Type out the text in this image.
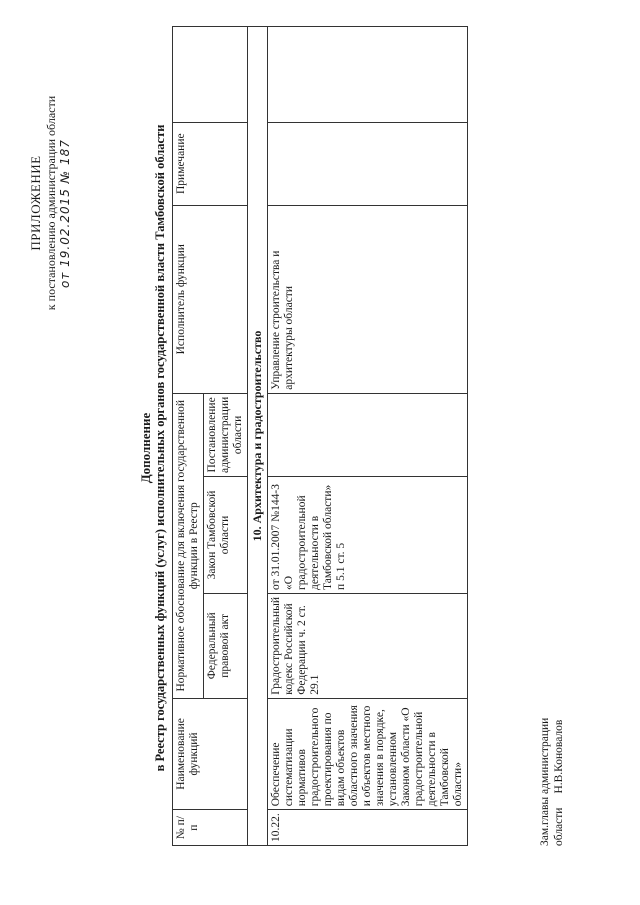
ПРИЛОЖЕНИЕ к постановлению администрации области от 19.02.2015 № 187
Дополнение в Реестр государственных функций (услуг) исполнительных органов государственной власти Тамбовской области
№ п/п	Наименование функций	Нормативное обоснование для включения государственной функции в Реестр			Исполнитель функции	Примечание	
		Федеральный правовой акт	Закон Тамбовской области	Постановление администрации области			
10. Архитектура и градостроительство							
10.22.	Обеспечение систематизации нормативов градостроительного проектирования по видам объектов областного значения и объектов местного значения в порядке, установленном Законом области «О градостроительной деятельности в Тамбовской области»	Градостроительный кодекс Российской Федерации ч. 2 ст. 29.1	от 31.01.2007 №144-З «О градостроительной деятельности в Тамбовской области» п 5.1 ст. 5		Управление строительства и архитектуры области		
Зам.главы администрации областиН.В.Коновалов
